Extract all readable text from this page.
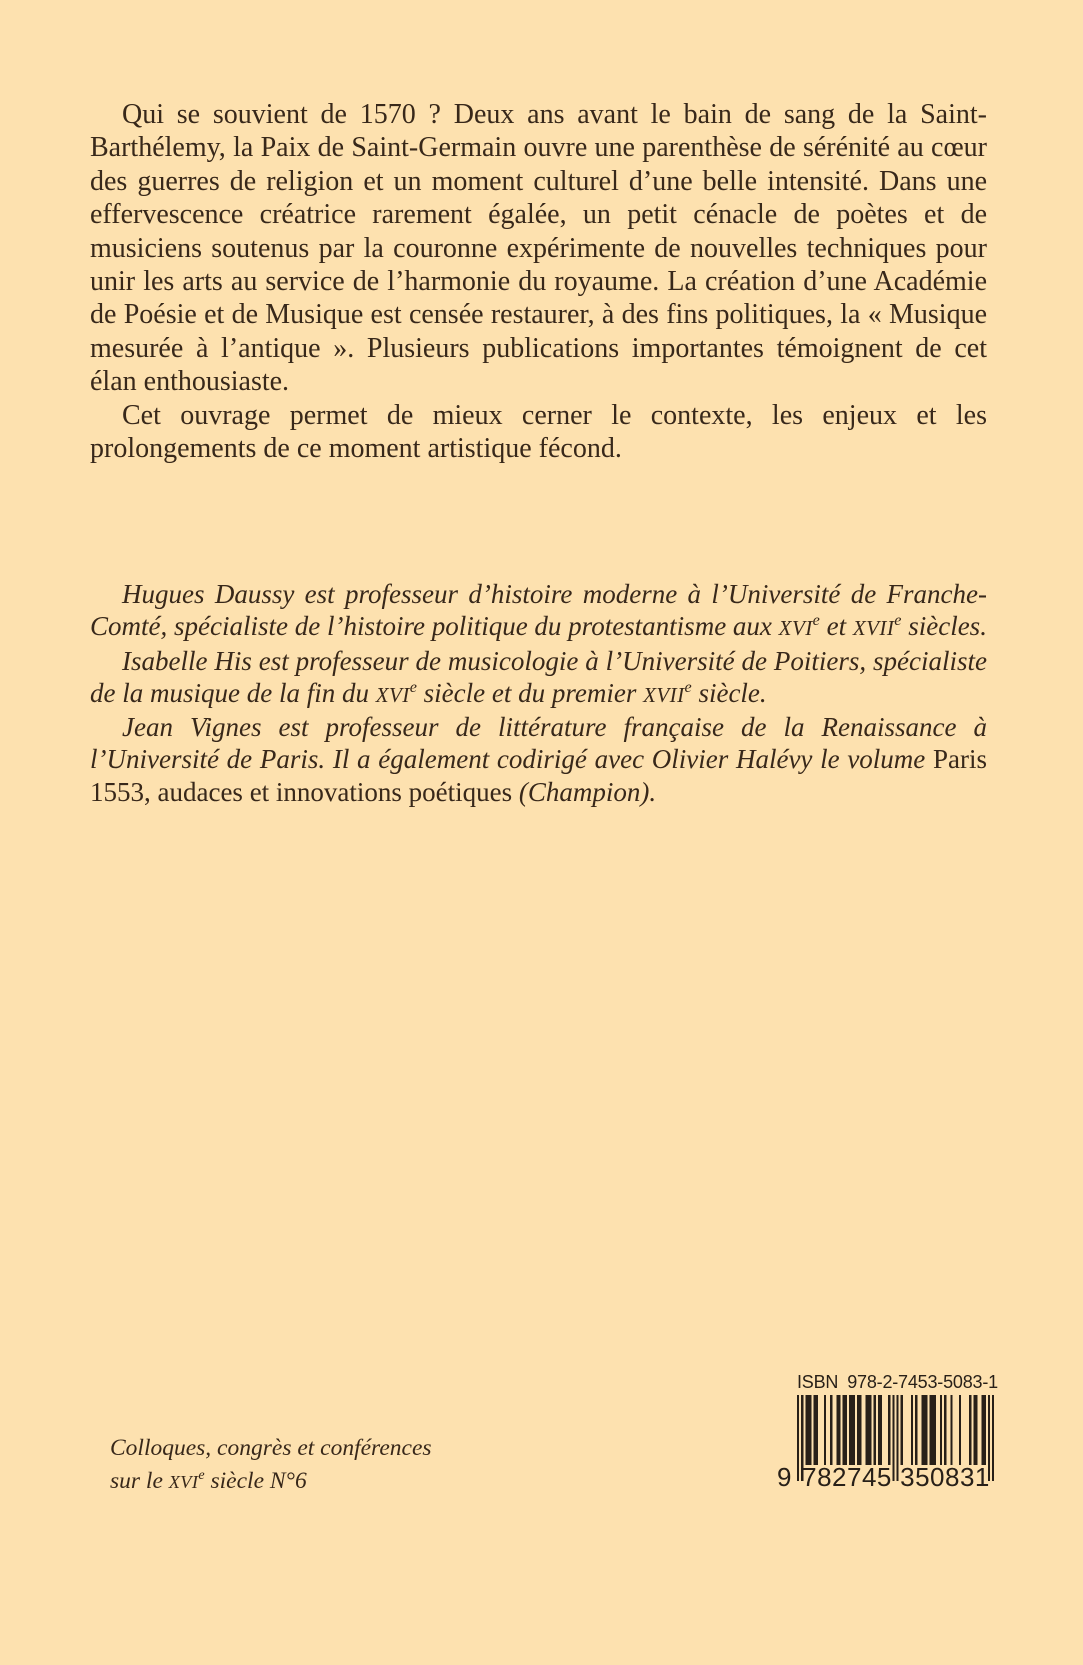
Qui se souvient de 1570 ? Deux ans avant le bain de sang de la Saint-Barthélemy, la Paix de Saint-Germain ouvre une parenthèse de sérénité au cœur des guerres de religion et un moment culturel d’une belle intensité. Dans une effervescence créatrice rarement égalée, un petit cénacle de poètes et de musiciens soutenus par la couronne expérimente de nouvelles techniques pour unir les arts au service de l’harmonie du royaume. La création d’une Académie de Poésie et de Musique est censée restaurer, à des fins politiques, la « Musique mesurée à l’antique ». Plusieurs publications importantes témoignent de cet élan enthousiaste.

Cet ouvrage permet de mieux cerner le contexte, les enjeux et les prolongements de ce moment artistique fécond.

Hugues Daussy est professeur d’histoire moderne à l’Université de Franche-Comté, spécialiste de l’histoire politique du protestantisme aux XVIe et XVIIe siècles.

Isabelle His est professeur de musicologie à l’Université de Poitiers, spécialiste de la musique de la fin du XVIe siècle et du premier XVIIe siècle.

Jean Vignes est professeur de littérature française de la Renaissance à l’Université de Paris. Il a également codirigé avec Olivier Halévy le volume Paris 1553, audaces et innovations poétiques (Champion).

Colloques, congrès et conférences

sur le XVIe siècle N°6

ISBN 978-2-7453-5083-1
9 782745 350831
